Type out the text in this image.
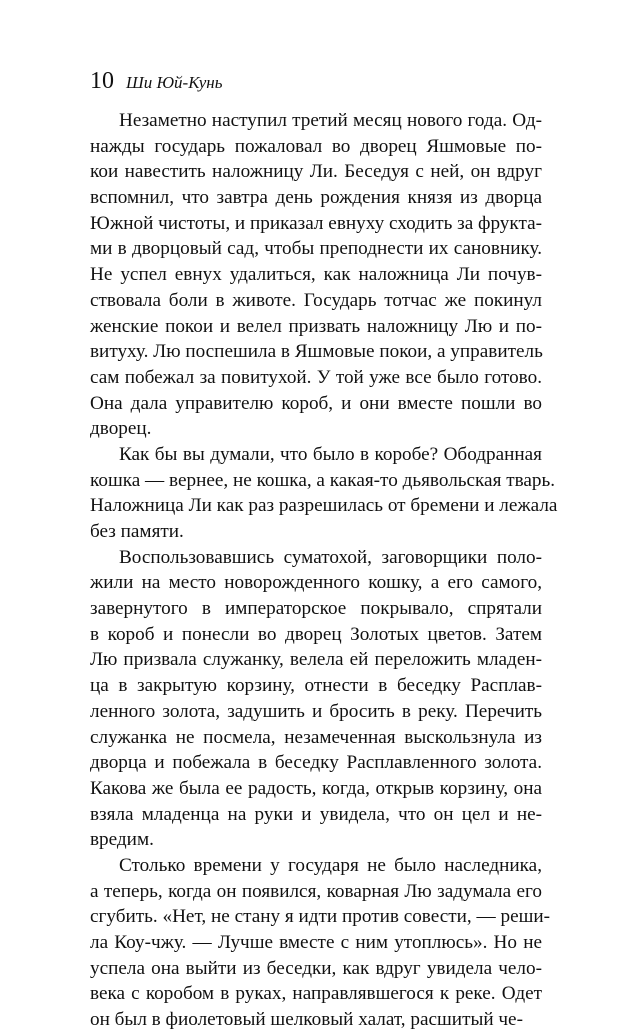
10 Ши Юй-Кунь
Незаметно наступил третий месяц нового года. Од-
нажды государь пожаловал во дворец Яшмовые по-
кои навестить наложницу Ли. Беседуя с ней, он вдруг
вспомнил, что завтра день рождения князя из дворца
Южной чистоты, и приказал евнуху сходить за фрукта-
ми в дворцовый сад, чтобы преподнести их сановнику.
Не успел евнух удалиться, как наложница Ли почув-
ствовала боли в животе. Государь тотчас же покинул
женские покои и велел призвать наложницу Лю и по-
витуху. Лю поспешила в Яшмовые покои, а управитель
сам побежал за повитухой. У той уже все было готово.
Она дала управителю короб, и они вместе пошли во
дворец.
Как бы вы думали, что было в коробе? Ободранная
кошка — вернее, не кошка, а какая-то дьявольская тварь.
Наложница Ли как раз разрешилась от бремени и лежала
без памяти.
Воспользовавшись суматохой, заговорщики поло-
жили на место новорожденного кошку, а его самого,
завернутого в императорское покрывало, спрятали
в короб и понесли во дворец Золотых цветов. Затем
Лю призвала служанку, велела ей переложить младен-
ца в закрытую корзину, отнести в беседку Расплав-
ленного золота, задушить и бросить в реку. Перечить
служанка не посмела, незамеченная выскользнула из
дворца и побежала в беседку Расплавленного золота.
Какова же была ее радость, когда, открыв корзину, она
взяла младенца на руки и увидела, что он цел и не-
вредим.
Столько времени у государя не было наследника,
а теперь, когда он появился, коварная Лю задумала его
сгубить. «Нет, не стану я идти против совести, — реши-
ла Коу-чжу. — Лучше вместе с ним утоплюсь». Но не
успела она выйти из беседки, как вдруг увидела чело-
века с коробом в руках, направлявшегося к реке. Одет
он был в фиолетовый шелковый халат, расшитый че-
